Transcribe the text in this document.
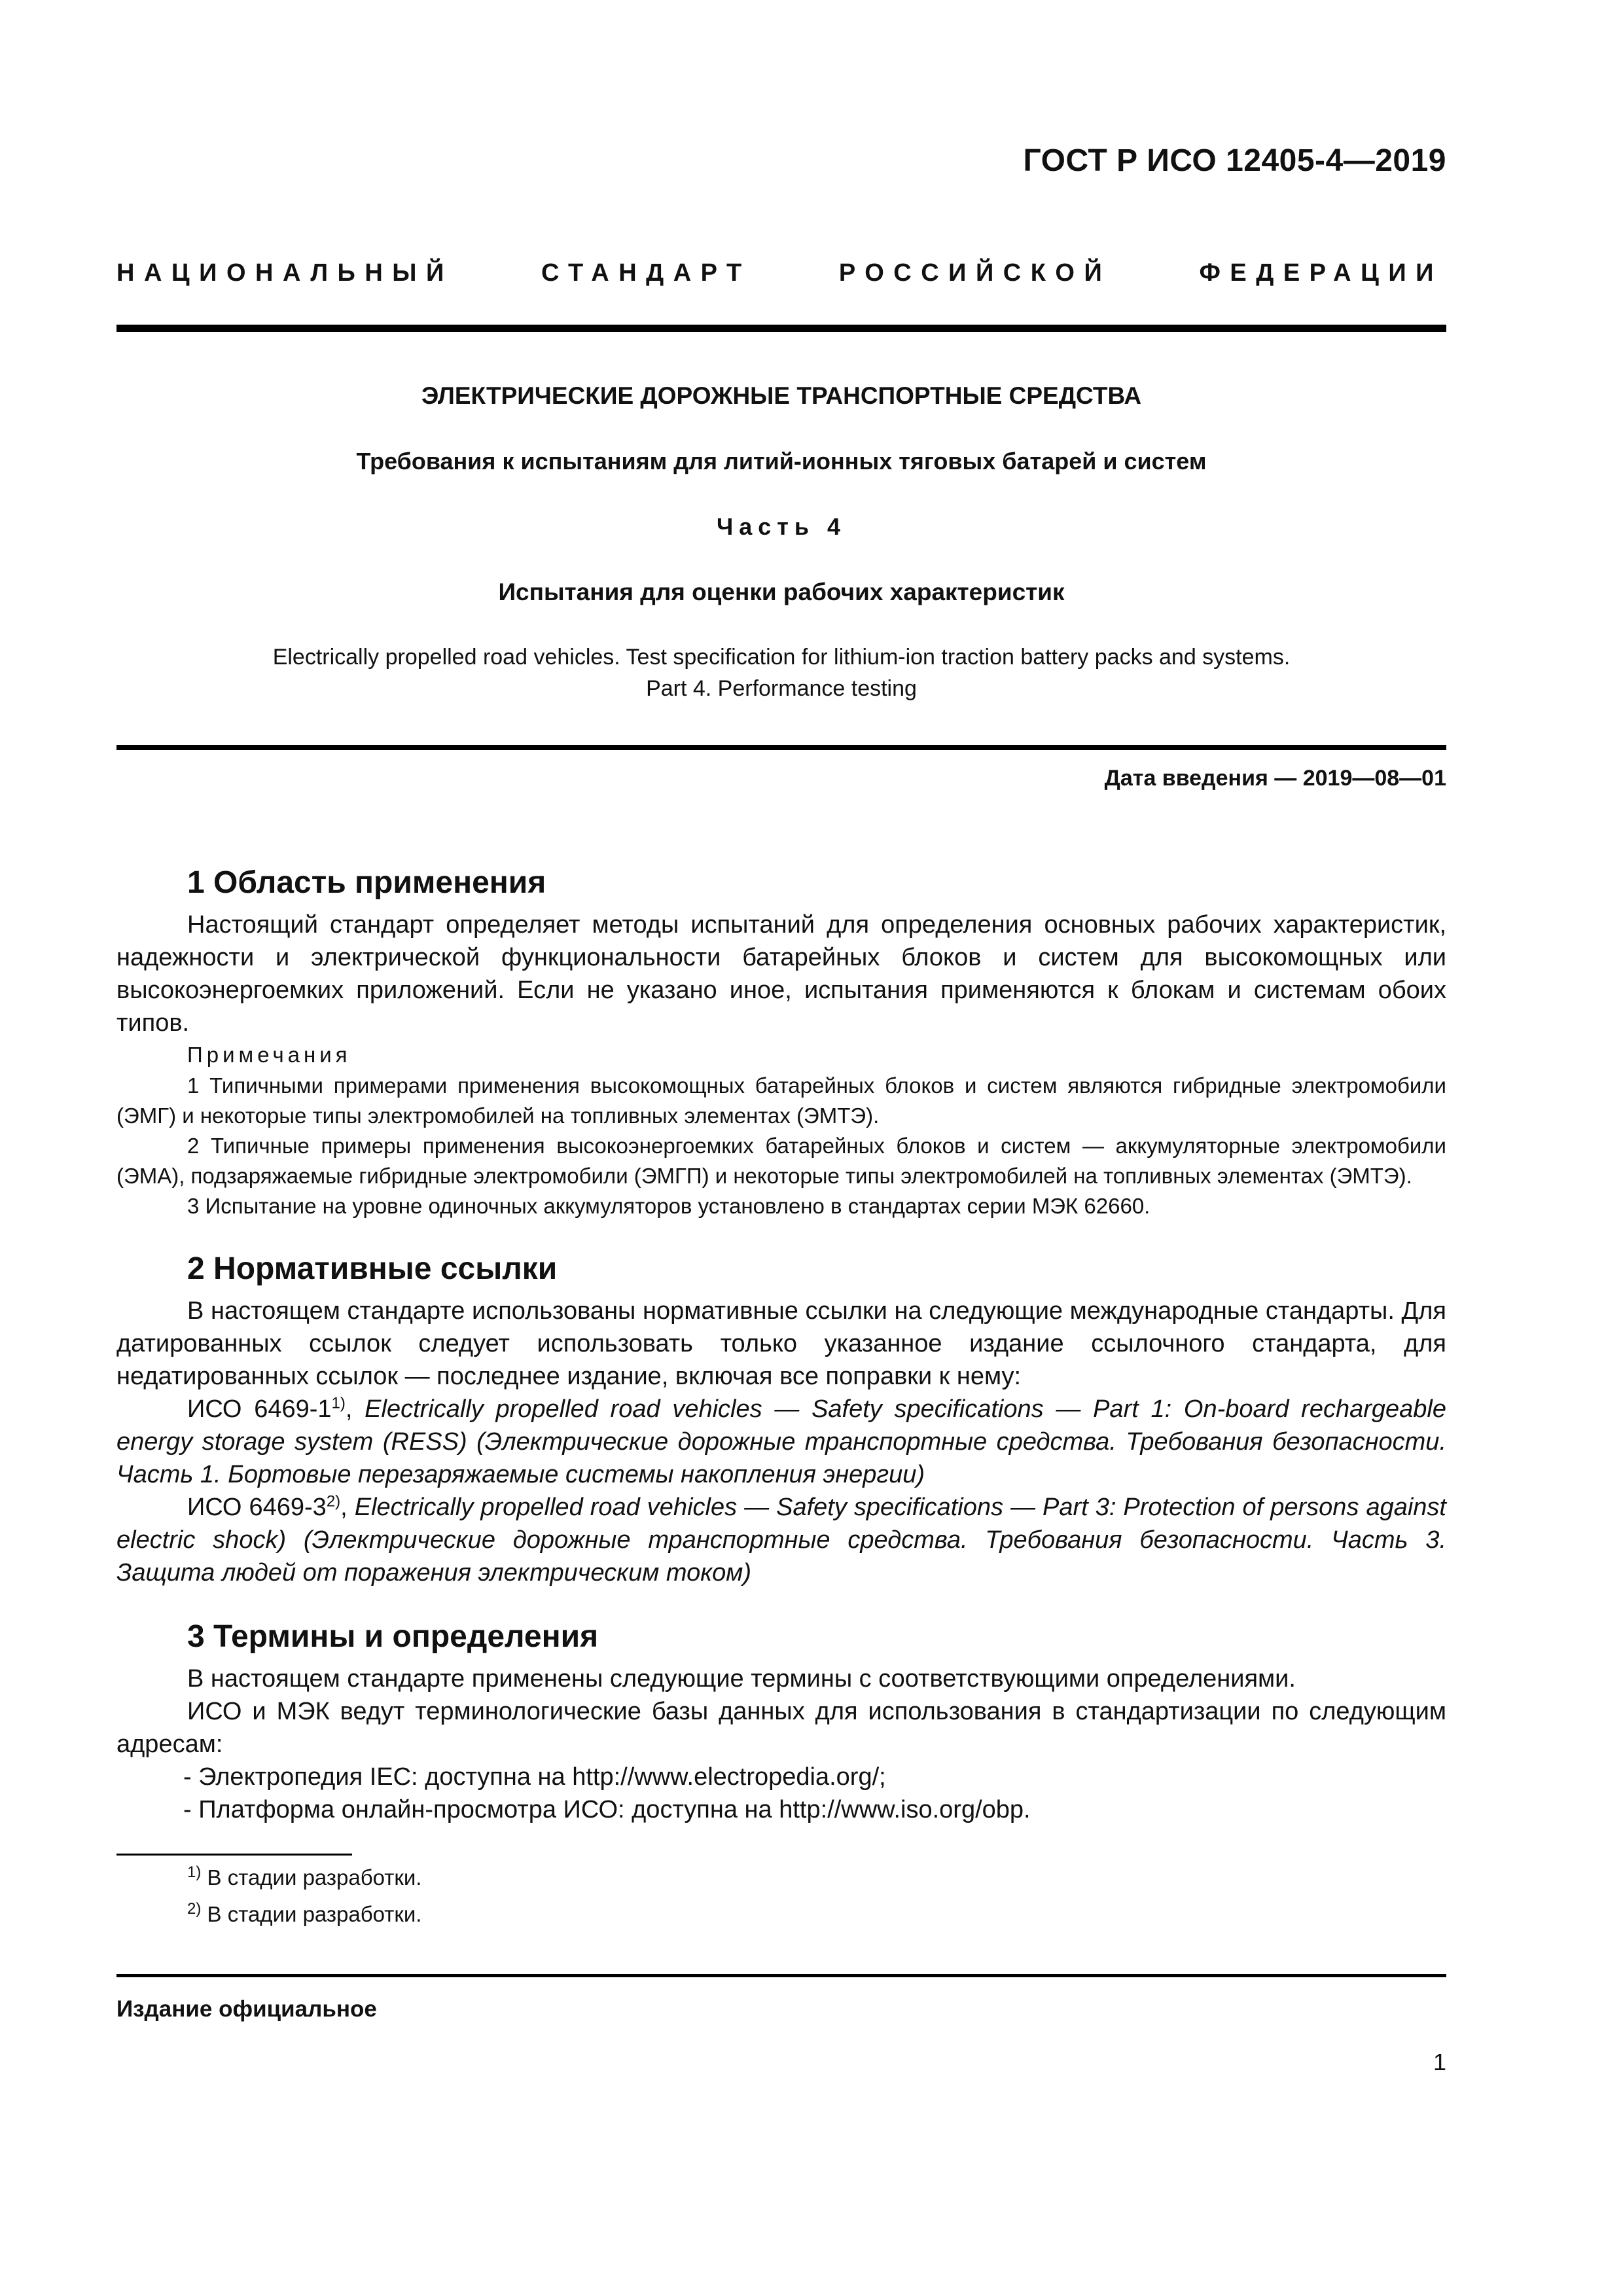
ГОСТ Р ИСО 12405-4—2019
НАЦИОНАЛЬНЫЙ СТАНДАРТ РОССИЙСКОЙ ФЕДЕРАЦИИ
ЭЛЕКТРИЧЕСКИЕ ДОРОЖНЫЕ ТРАНСПОРТНЫЕ СРЕДСТВА
Требования к испытаниям для литий-ионных тяговых батарей и систем
Часть 4
Испытания для оценки рабочих характеристик
Electrically propelled road vehicles. Test specification for lithium-ion traction battery packs and systems.
Part 4. Performance testing
Дата введения — 2019—08—01
1 Область применения

Настоящий стандарт определяет методы испытаний для определения основных рабочих характеристик, надежности и электрической функциональности батарейных блоков и систем для высокомощных или высокоэнергоемких приложений. Если не указано иное, испытания применяются к блокам и системам обоих типов.

Примечания

1 Типичными примерами применения высокомощных батарейных блоков и систем являются гибридные электромобили (ЭМГ) и некоторые типы электромобилей на топливных элементах (ЭМТЭ).

2 Типичные примеры применения высокоэнергоемких батарейных блоков и систем — аккумуляторные электромобили (ЭМА), подзаряжаемые гибридные электромобили (ЭМГП) и некоторые типы электромобилей на топливных элементах (ЭМТЭ).

3 Испытание на уровне одиночных аккумуляторов установлено в стандартах серии МЭК 62660.

2 Нормативные ссылки

В настоящем стандарте использованы нормативные ссылки на следующие международные стандарты. Для датированных ссылок следует использовать только указанное издание ссылочного стандарта, для недатированных ссылок — последнее издание, включая все поправки к нему:

ИСО 6469-1$^{1)}$, Electrically propelled road vehicles — Safety specifications — Part 1: On-board rechargeable energy storage system (RESS) (Электрические дорожные транспортные средства. Требования безопасности. Часть 1. Бортовые перезаряжаемые системы накопления энергии)

ИСО 6469-3$^{2)}$, Electrically propelled road vehicles — Safety specifications — Part 3: Protection of persons against electric shock) (Электрические дорожные транспортные средства. Требования безопасности. Часть 3. Защита людей от поражения электрическим током)

3 Термины и определения

В настоящем стандарте применены следующие термины с соответствующими определениями.

ИСО и МЭК ведут терминологические базы данных для использования в стандартизации по следующим адресам:

- Электропедия IEC: доступна на http://www.electropedia.org/;
- Платформа онлайн-просмотра ИСО: доступна на http://www.iso.org/obp.
$^{1)}$ В стадии разработки.
$^{2)}$ В стадии разработки.
Издание официальное
1
